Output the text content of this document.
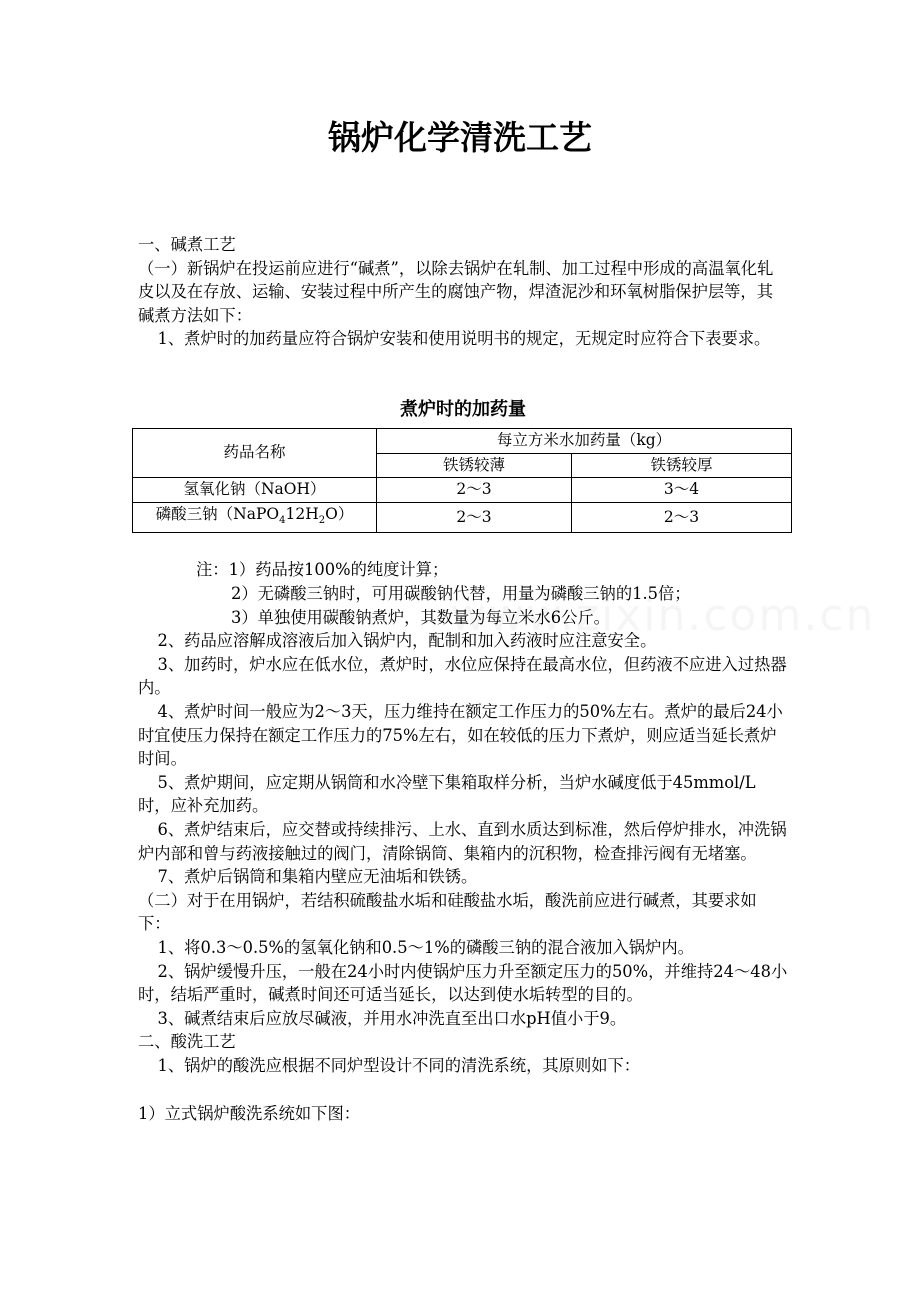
锅炉化学清洗工艺

一、碱煮工艺

（一）新锅炉在投运前应进行“碱煮”，以除去锅炉在轧制、加工过程中形成的高温氧化轧皮以及在存放、运输、安装过程中所产生的腐蚀产物，焊渣泥沙和环氧树脂保护层等，其碱煮方法如下：

1、煮炉时的加药量应符合锅炉安装和使用说明书的规定，无规定时应符合下表要求。

煮炉时的加药量
药品名称	每立方米水加药量（kg）	
	铁锈较薄	铁锈较厚
氢氧化钠（NaOH）	2～3	3～4
磷酸三钠$(NaPO_412H_2O)$	2～3	2～3

注：1）药品按100%的纯度计算；

2）无磷酸三钠时，可用碳酸钠代替，用量为磷酸三钠的1.5倍；

3）单独使用碳酸钠煮炉，其数量为每立米水6公斤。

2、药品应溶解成溶液后加入锅炉内，配制和加入药液时应注意安全。

3、加药时，炉水应在低水位，煮炉时，水位应保持在最高水位，但药液不应进入过热器内。

4、煮炉时间一般应为2～3天，压力维持在额定工作压力的50%左右。煮炉的最后24小时宜使压力保持在额定工作压力的75%左右，如在较低的压力下煮炉，则应适当延长煮炉时间。

5、煮炉期间，应定期从锅筒和水冷壁下集箱取样分析，当炉水碱度低于45mmol/L时，应补充加药。

6、煮炉结束后，应交替或持续排污、上水、直到水质达到标准，然后停炉排水，冲洗锅炉内部和曾与药液接触过的阀门，清除锅筒、集箱内的沉积物，检查排污阀有无堵塞。

7、煮炉后锅筒和集箱内壁应无油垢和铁锈。

（二）对于在用锅炉，若结积硫酸盐水垢和硅酸盐水垢，酸洗前应进行碱煮，其要求如下：

1、将0.3～0.5%的氢氧化钠和0.5～1%的磷酸三钠的混合液加入锅炉内。

2、锅炉缓慢升压，一般在24小时内使锅炉压力升至额定压力的50%，并维持24～48小时，结垢严重时，碱煮时间还可适当延长，以达到使水垢转型的目的。

3、碱煮结束后应放尽碱液，并用水冲洗直至出口水pH值小于9。

二、酸洗工艺

1、锅炉的酸洗应根据不同炉型设计不同的清洗系统，其原则如下：

1）立式锅炉酸洗系统如下图：
